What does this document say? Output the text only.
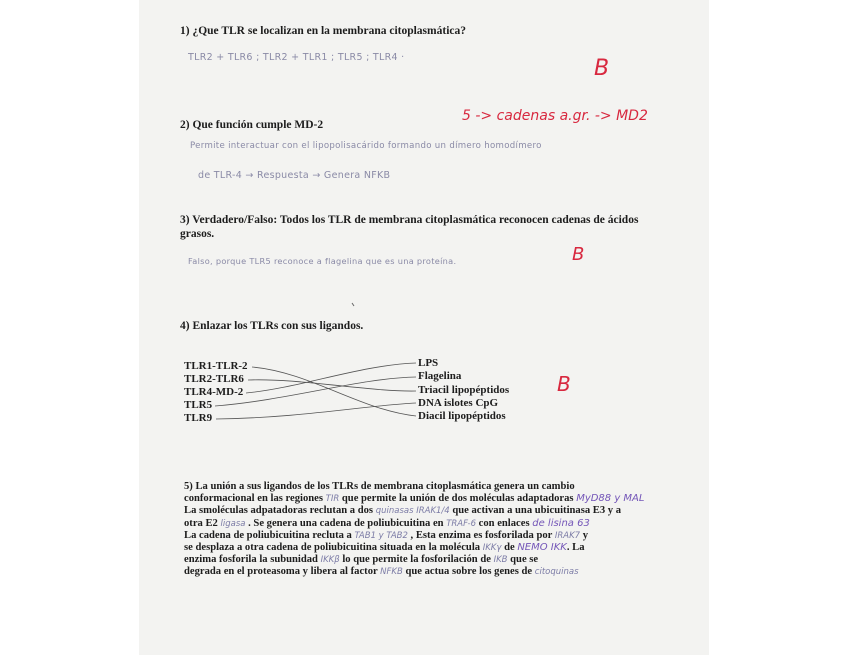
1) ¿Que TLR se localizan en la membrana citoplasmática?
TLR2 + TLR6 ; TLR2 + TLR1 ; TLR5 ; TLR4 ·	B
2) Que función cumple MD-2
5 -> cadenas a.gr. -> MD2
Permite interactuar con el lipopolisacárido formando un dímero homodímero
de TLR-4 → Respuesta → Genera NFKB
3) Verdadero/Falso: Todos los TLR de membrana citoplasmática reconocen cadenas de ácidos
grasos.
Falso, porque TLR5 reconoce a flagelina que es una proteína.	B
4) Enlazar los TLRs con sus ligandos.
TLR1-TLR-2
TLR2-TLR6
TLR4-MD-2
TLR5
TLR9
LPS
Flagelina
Triacil lipopéptidos
DNA islotes CpG
Diacil lipopéptidos
B
5) La unión a sus ligandos de los TLRs de membrana citoplasmática genera un cambio
conformacional en las regiones TIR que permite la unión de dos moléculas adaptadoras MyD88 y MAL
La smoléculas adpatadoras reclutan a dos quinasas IRAK1/4 que activan a una ubicuitinasa E3 y a
otra E2 ligasa . Se genera una cadena de poliubicuitina en TRAF-6 con enlaces de lisina 63
La cadena de poliubicuitina recluta a TAB1 y TAB2 , Esta enzima es fosforilada por IRAK7 y
se desplaza a otra cadena de poliubicuitina situada en la molécula IKKγ de NEMO IKK. La
enzima fosforila la subunidad IKKβ lo que permite la fosforilación de IKB que se
degrada en el proteasoma y libera al factor NFKB que actua sobre los genes de citoquinas
